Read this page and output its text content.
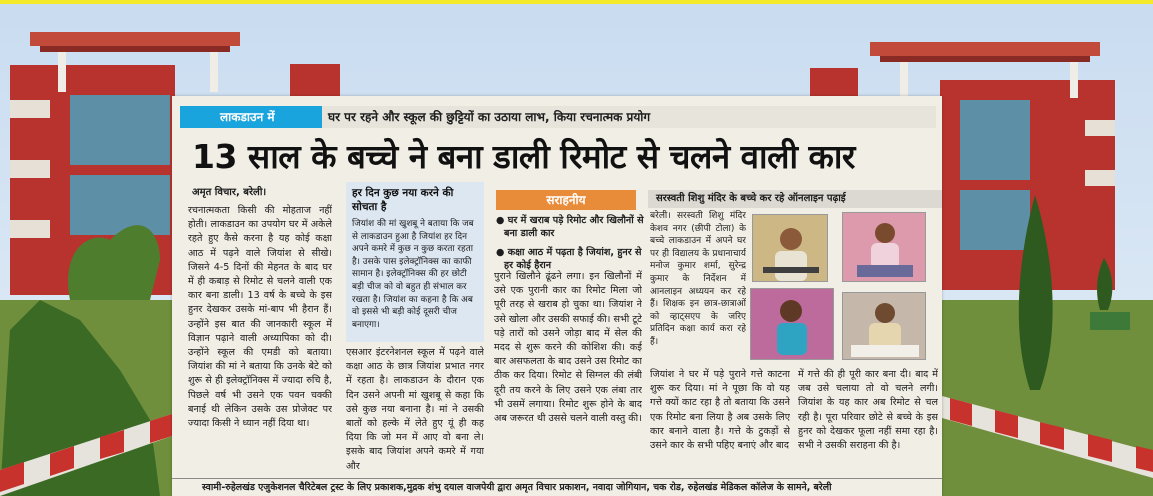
लाकडाउन में	घर पर रहने और स्कूल की छुट्टियों का उठाया लाभ, किया रचनात्मक प्रयोग
13 साल के बच्चे ने बना डाली रिमोट से चलने वाली कार
अमृत विचार, बरेली।
रचनात्मकता किसी की मोहताज नहीं होती। लाकडाउन का उपयोग घर में अकेले रहते हुए कैसे करना है यह कोई कक्षा आठ में पढ़ने वाले जियांश से सीखे। जिसने 4-5 दिनों की मेहनत के बाद घर में ही कबाड़ से रिमोट से चलने वाली एक कार बना डाली। 13 वर्ष के बच्चे के इस हुनर देखकर उसके मां-बाप भी हैरान हैं। उन्होंने इस बात की जानकारी स्कूल में विज्ञान पढ़ाने वाली अध्यापिका को दी। उन्होंने स्कूल की एमडी को बताया। जियांश की मां ने बताया कि उनके बेटे को शुरू से ही इलेक्ट्रॉनिक्स में ज्यादा रुचि है, पिछले वर्ष भी उसने एक पवन चक्की बनाई थी लेकिन उसके उस प्रोजेक्ट पर ज्यादा किसी ने ध्यान नहीं दिया था।
हर दिन कुछ नया करने की सोचता है

जियांश की मां खुशबू ने बताया कि जब से लाकडाउन हुआ है जियांश हर दिन अपने कमरे में कुछ न कुछ करता रहता है। उसके पास इलेक्ट्रॉनिक्स का काफी सामान है। इलेक्ट्रॉनिक्स की हर छोटी बड़ी चीज को वो बहुत ही संभाल कर रखता है। जियांश का कहना है कि अब वो इससे भी बड़ी कोई दूसरी चीज बनाएगा।

एसआर इंटरनेशनल स्कूल में पढ़ने वाले कक्षा आठ के छात्र जियांश प्रभात नगर में रहता है। लाकडाउन के दौरान एक दिन उसने अपनी मां खुशबू से कहा कि उसे कुछ नया बनाना है। मां ने उसकी बातों को हल्के में लेते हुए यूं ही कह दिया कि जो मन में आए वो बना ले। इसके बाद जियांश अपने कमरे में गया और
सराहनीय
● घर में खराब पड़े रिमोट और खिलौनों से बना डाली कार
● कक्षा आठ में पढ़ता है जियांश, हुनर से हर कोई हैरान
पुराने खिलौने ढूंढने लगा। इन खिलौनों में उसे एक पुरानी कार का रिमोट मिला जो पूरी तरह से खराब हो चुका था। जियांश ने उसे खोला और उसकी सफाई की। सभी टूटे पड़े तारों को उसने जोड़ा बाद में सेल की मदद से शुरू करने की कोशिश की। कई बार असफलता के बाद उसने उस रिमोट का ठीक कर दिया। रिमोट से सिग्नल की लंबी दूरी तय करने के लिए उसने एक लंबा तार भी उसमें लगाया। रिमोट शुरू होने के बाद अब जरूरत थी उससे चलने वाली वस्तु की।
सरस्वती शिशु मंदिर के बच्चे कर रहे ऑनलाइन पढ़ाई
बरेली। सरस्वती शिशु मंदिर केशव नगर (छीपी टोला) के बच्चे लाकडाउन में अपने घर पर ही विद्यालय के प्रधानाचार्य मनोज कुमार शर्मा, सुरेन्द्र कुमार के निर्देशन में आनलाइन अध्ययन कर रहे हैं। शिक्षक इन छात्र-छात्राओं को व्हाट्सएप के जरिए प्रतिदिन कक्षा कार्य करा रहे हैं।
जियांश ने घर में पड़े पुराने गत्ते काटना शुरू कर दिया। मां ने पूछा कि वो यह गत्ते क्यों काट रहा है तो बताया कि उसने एक रिमोट बना लिया है अब उसके लिए कार बनाने वाला है। गत्ते के टुकड़ों से उसने कार के सभी पहिए बनाएं और बाद
में गत्ते की ही पूरी कार बना दी। बाद में जब उसे चलाया तो वो चलने लगी। जियांश के यह कार अब रिमोट से चल रही है। पूरा परिवार छोटे से बच्चे के इस हुनर को देखकर फूला नहीं समा रहा है। सभी ने उसकी सराहना की है।
स्वामी-रुहेलखंड एजुकेशनल चैरिटेबल ट्रस्ट के लिए प्रकाशक,मुद्रक शंभु दयाल वाजपेयी द्वारा अमृत विचार प्रकाशन, नवादा जोगियान, चक रोड, रुहेलखंड मेडिकल कॉलेज के सामने, बरेली
